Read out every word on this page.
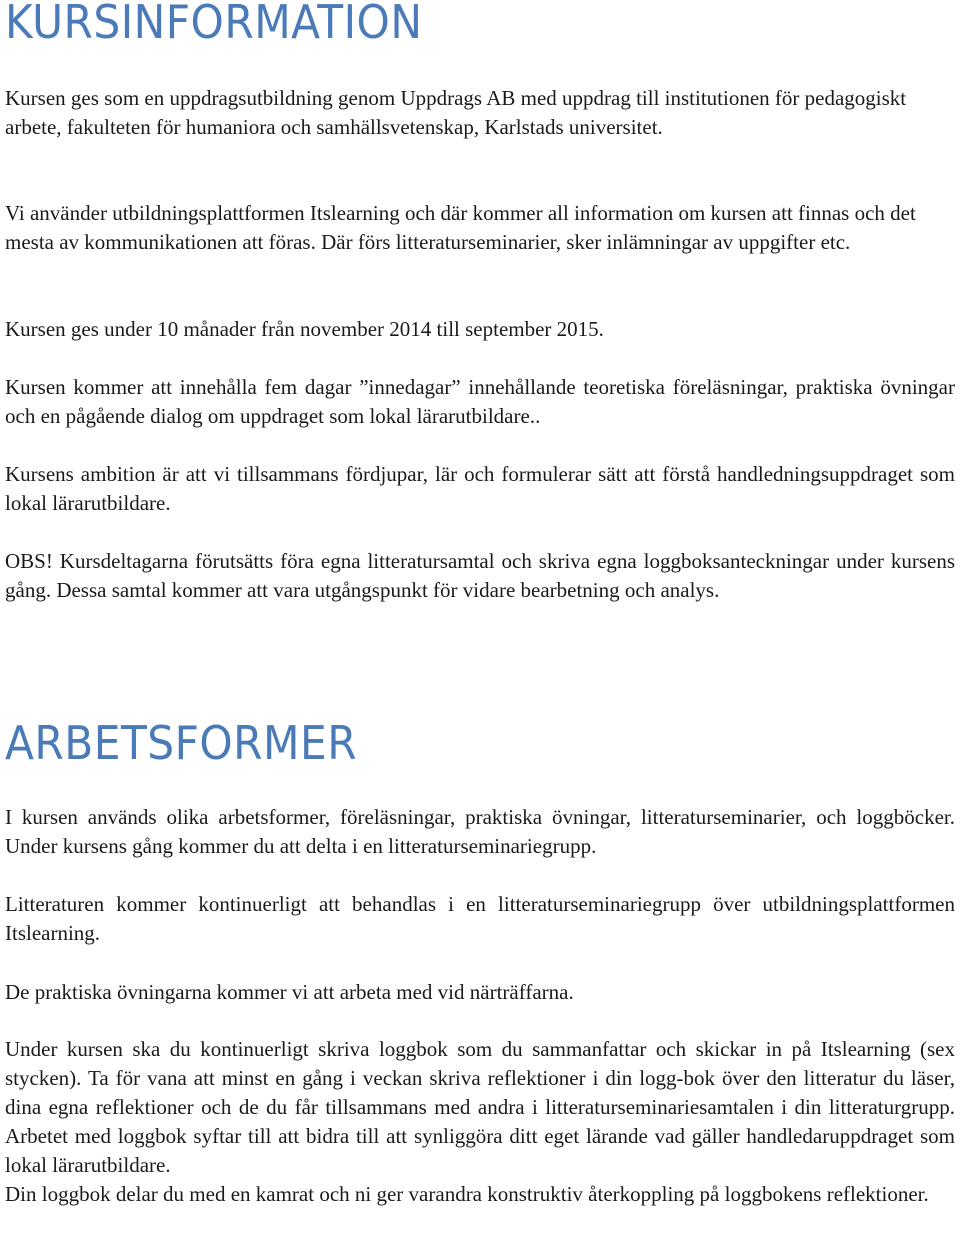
KURSINFORMATION

Kursen ges som en uppdragsutbildning genom Uppdrags AB med uppdrag till institutionen för pedagogiskt arbete, fakulteten för humaniora och samhällsvetenskap, Karlstads universitet.

Vi använder utbildningsplattformen Itslearning och där kommer all information om kursen att finnas och det mesta av kommunikationen att föras. Där förs litteraturseminarier, sker inlämningar av uppgifter etc.

Kursen ges under 10 månader från november 2014 till september 2015.

Kursen kommer att innehålla fem dagar ”innedagar” innehållande teoretiska föreläsningar, praktiska övningar och en pågående dialog om uppdraget som lokal lärarutbildare..

Kursens ambition är att vi tillsammans fördjupar, lär och formulerar sätt att förstå handledningsuppdraget som lokal lärarutbildare.

OBS! Kursdeltagarna förutsätts föra egna litteratursamtal och skriva egna loggboksanteckningar under kursens gång. Dessa samtal kommer att vara utgångspunkt för vidare bearbetning och analys.

ARBETSFORMER

I kursen används olika arbetsformer, föreläsningar, praktiska övningar, litteraturseminarier, och loggböcker. Under kursens gång kommer du att delta i en litteraturseminariegrupp.

Litteraturen kommer kontinuerligt att behandlas i en litteraturseminariegrupp över utbildningsplattformen Itslearning.

De praktiska övningarna kommer vi att arbeta med vid närträffarna.

Under kursen ska du kontinuerligt skriva loggbok som du sammanfattar och skickar in på Itslearning (sex stycken). Ta för vana att minst en gång i veckan skriva reflektioner i din logg-bok över den litteratur du läser, dina egna reflektioner och de du får tillsammans med andra i litteraturseminariesamtalen i din litteraturgrupp. Arbetet med loggbok syftar till att bidra till att synliggöra ditt eget lärande vad gäller handledaruppdraget som lokal lärarutbildare.

Din loggbok delar du med en kamrat och ni ger varandra konstruktiv återkoppling på loggbokens reflektioner.
